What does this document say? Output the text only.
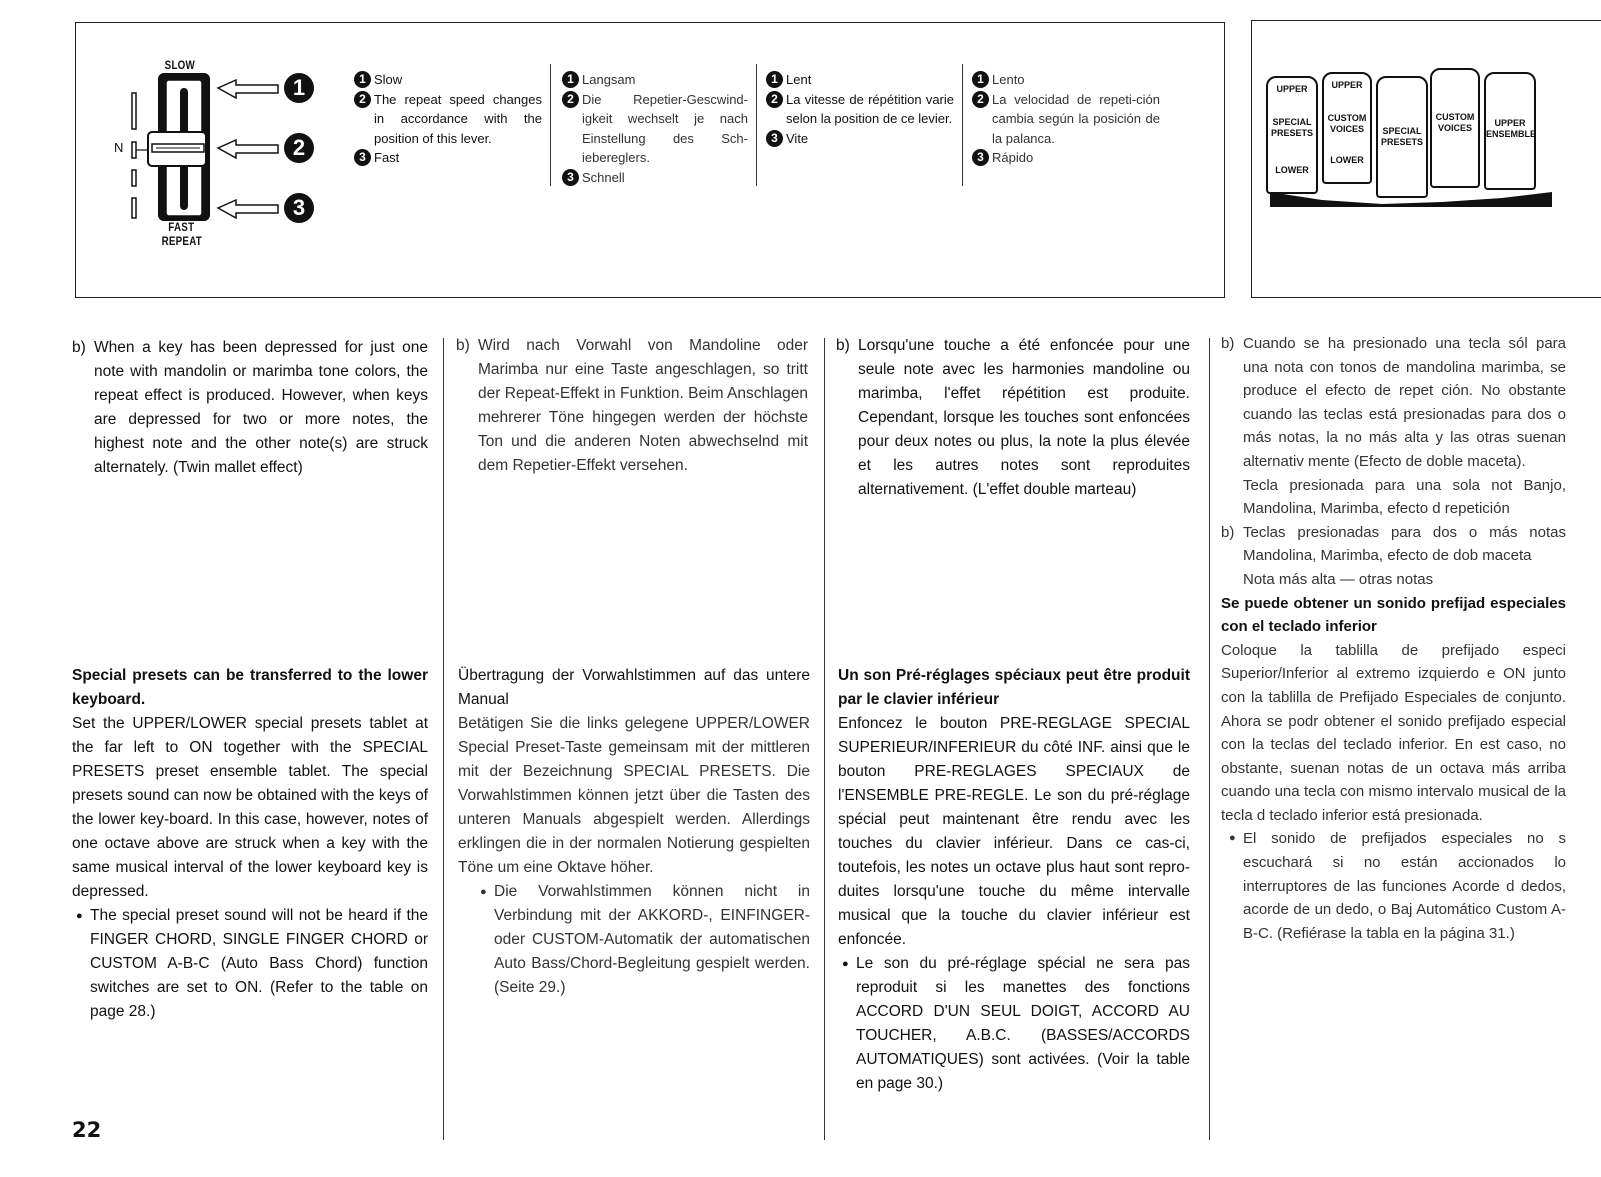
SLOW
N
FAST
REPEAT
1
2
3
1 Slow
2 The repeat speed changes in accordance with the position of this lever.
3 Fast
1 Langsam
2 Die Repetier-Gescwind-igkeit wechselt je nach Einstellung des Sch-iebereglers.
3 Schnell
1 Lent
2 La vitesse de répétition varie selon la position de ce levier.
3 Vite
1 Lento
2 La velocidad de repeti-ción cambia según la posición de la palanca.
3 Rápido
UPPER
SPECIAL
PRESETS
LOWER
UPPER
CUSTOM
VOICES
LOWER
SPECIAL
PRESETS
CUSTOM
VOICES	UPPER
ENSEMBLE
b) When a key has been depressed for just one note with mandolin or marimba tone colors, the repeat effect is produced. However, when keys are depressed for two or more notes, the highest note and the other note(s) are struck alternately. (Twin mallet effect)
Special presets can be transferred to the lower keyboard.
Set the UPPER/LOWER special presets tablet at the far left to ON together with the SPECIAL PRESETS preset ensemble tablet. The special presets sound can now be obtained with the keys of the lower key-board. In this case, however, notes of one octave above are struck when a key with the same musical interval of the lower keyboard key is depressed.
● The special preset sound will not be heard if the FINGER CHORD, SINGLE FINGER CHORD or CUSTOM A-B-C (Auto Bass Chord) function switches are set to ON. (Refer to the table on page 28.)
b) Wird nach Vorwahl von Mandoline oder Marimba nur eine Taste angeschlagen, so tritt der Repeat-Effekt in Funktion. Beim Anschlagen mehrerer Töne hingegen werden der höchste Ton und die anderen Noten abwechselnd mit dem Repetier-Effekt versehen.
Übertragung der Vorwahlstimmen auf das untere Manual
Betätigen Sie die links gelegene UPPER/LOWER Special Preset-Taste gemeinsam mit der mittleren mit der Bezeichnung SPECIAL PRESETS. Die Vorwahlstimmen können jetzt über die Tasten des unteren Manuals abgespielt werden. Allerdings erklingen die in der normalen Notierung gespielten Töne um eine Oktave höher.
● Die Vorwahlstimmen können nicht in Verbindung mit der AKKORD-, EINFINGER- oder CUSTOM-Automatik der automatischen Auto Bass/Chord-Begleitung gespielt werden. (Seite 29.)
b) Lorsqu'une touche a été enfoncée pour une seule note avec les harmonies mandoline ou marimba, l'effet répétition est produite. Cependant, lorsque les touches sont enfoncées pour deux notes ou plus, la note la plus élevée et les autres notes sont reproduites alternativement. (L'effet double marteau)
Un son Pré-réglages spéciaux peut être produit par le clavier inférieur
Enfoncez le bouton PRE-REGLAGE SPECIAL SUPERIEUR/INFERIEUR du côté INF. ainsi que le bouton PRE-REGLAGES SPECIAUX de l'ENSEMBLE PRE-REGLE. Le son du pré-réglage spécial peut maintenant être rendu avec les touches du clavier inférieur. Dans ce cas-ci, toutefois, les notes un octave plus haut sont repro-duites lorsqu'une touche du même intervalle musical que la touche du clavier inférieur est enfoncée.
● Le son du pré-réglage spécial ne sera pas reproduit si les manettes des fonctions ACCORD D'UN SEUL DOIGT, ACCORD AU TOUCHER, A.B.C. (BASSES/ACCORDS AUTOMATIQUES) sont activées. (Voir la table en page 30.)
b) Cuando se ha presionado una tecla sól para una nota con tonos de mandolina marimba, se produce el efecto de repet ción. No obstante cuando las teclas está presionadas para dos o más notas, la no más alta y las otras suenan alternativ mente (Efecto de doble maceta).
Tecla presionada para una sola not Banjo, Mandolina, Marimba, efecto d repetición
b) Teclas presionadas para dos o más notas Mandolina, Marimba, efecto de dob maceta
Nota más alta — otras notas
Se puede obtener un sonido prefijad especiales con el teclado inferior
Coloque la tablilla de prefijado especi Superior/Inferior al extremo izquierdo e ON junto con la tablilla de Prefijado Especiales de conjunto. Ahora se podr obtener el sonido prefijado especial con la teclas del teclado inferior. En est caso, no obstante, suenan notas de un octava más arriba cuando una tecla con mismo intervalo musical de la tecla d teclado inferior está presionada.
● El sonido de prefijados especiales no s escuchará si no están accionados lo interruptores de las funciones Acorde d dedos, acorde de un dedo, o Baj Automático Custom A-B-C. (Refiérase la tabla en la página 31.)
22
